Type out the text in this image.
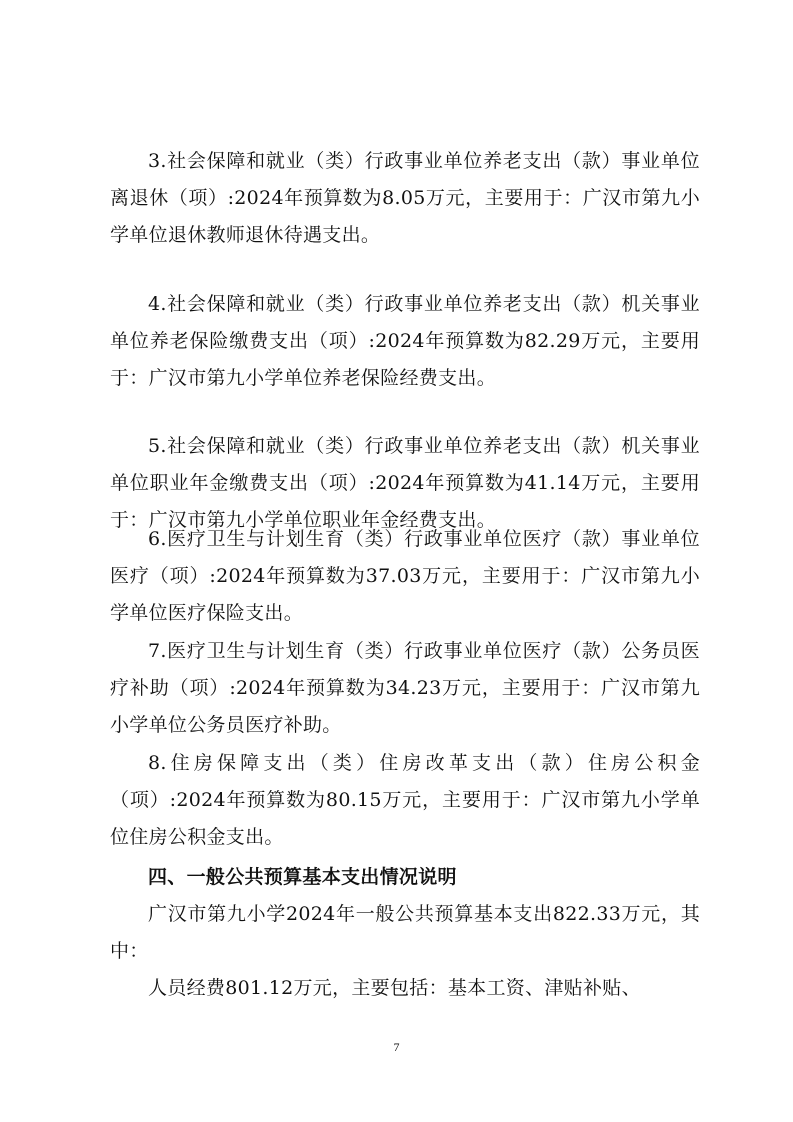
3.社会保障和就业（类）行政事业单位养老支出（款）事业单位离退休（项）:2024年预算数为8.05万元，主要用于：广汉市第九小学单位退休教师退休待遇支出。

4.社会保障和就业（类）行政事业单位养老支出（款）机关事业单位养老保险缴费支出（项）:2024年预算数为82.29万元，主要用于：广汉市第九小学单位养老保险经费支出。

5.社会保障和就业（类）行政事业单位养老支出（款）机关事业单位职业年金缴费支出（项）:2024年预算数为41.14万元，主要用于：广汉市第九小学单位职业年金经费支出。

6.医疗卫生与计划生育（类）行政事业单位医疗（款）事业单位医疗（项）:2024年预算数为37.03万元，主要用于：广汉市第九小学单位医疗保险支出。

7.医疗卫生与计划生育（类）行政事业单位医疗（款）公务员医疗补助（项）:2024年预算数为34.23万元，主要用于：广汉市第九小学单位公务员医疗补助。

8.住房保障支出（类）住房改革支出（款）住房公积金（项）:2024年预算数为80.15万元，主要用于：广汉市第九小学单位住房公积金支出。

四、一般公共预算基本支出情况说明

广汉市第九小学2024年一般公共预算基本支出822.33万元，其中：

人员经费801.12万元，主要包括：基本工资、津贴补贴、

7
